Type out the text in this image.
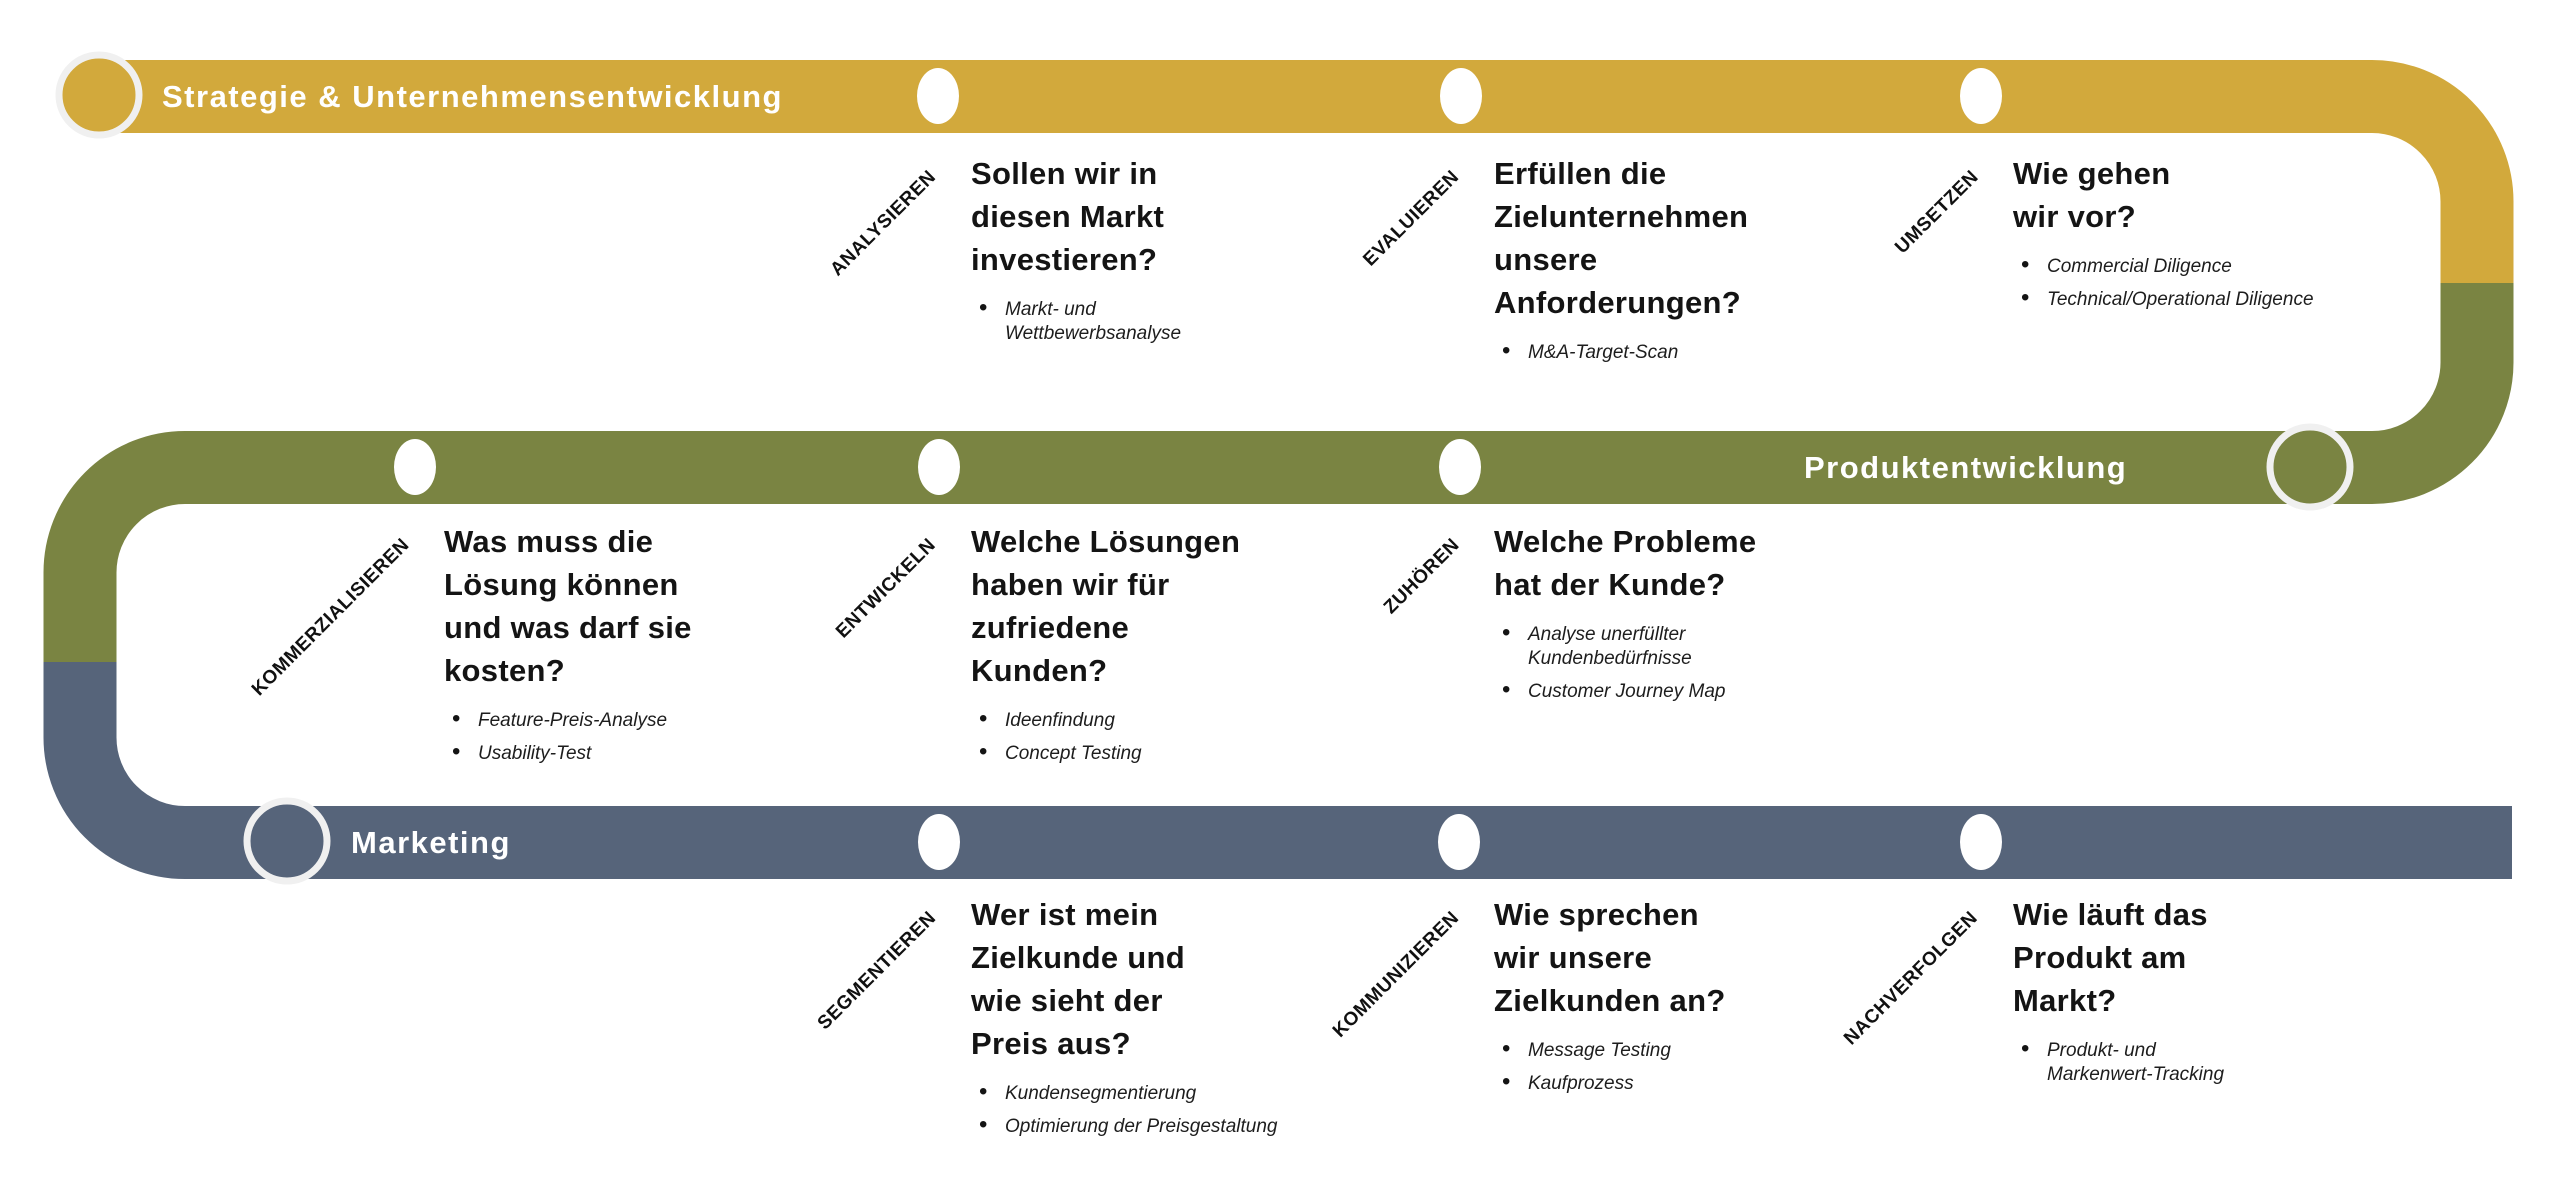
Strategie & Unternehmensentwicklung
Produktentwicklung
Marketing
ANALYSIEREN Sollen wir in
diesen Markt
investieren?
• Markt- und
Wettbewerbsanalyse
EVALUIEREN Erfüllen die
Zielunternehmen
unsere
Anforderungen?
• M&A-Target-Scan
UMSETZEN Wie gehen
wir vor?
• Commercial Diligence
• Technical/Operational Diligence
KOMMERZIALISIEREN Was muss die
Lösung können
und was darf sie
kosten?
• Feature-Preis-Analyse
• Usability-Test
ENTWICKELN Welche Lösungen
haben wir für
zufriedene
Kunden?
• Ideenfindung
• Concept Testing
ZUHÖREN Welche Probleme
hat der Kunde?
• Analyse unerfüllter
Kundenbedürfnisse
• Customer Journey Map
SEGMENTIEREN Wer ist mein
Zielkunde und
wie sieht der
Preis aus?
• Kundensegmentierung
• Optimierung der Preisgestaltung
KOMMUNIZIEREN Wie sprechen
wir unsere
Zielkunden an?
• Message Testing
• Kaufprozess
NACHVERFOLGEN Wie läuft das
Produkt am
Markt?
• Produkt- und
Markenwert-Tracking
